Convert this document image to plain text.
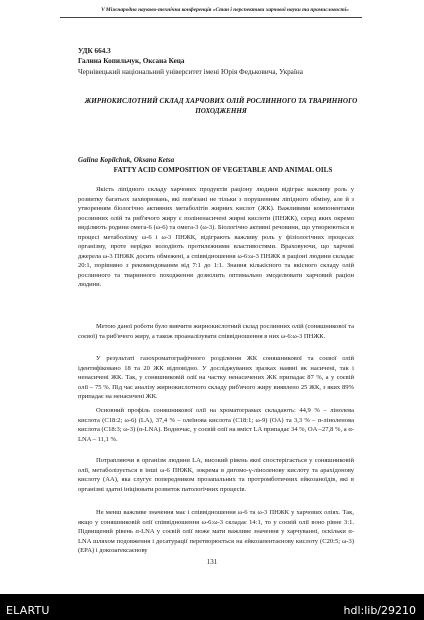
V Міжнародна науково-технічна конференція «Стан і перспективи харчової науки та промисловості»
УДК 664.3
Галина Копильчук, Оксана Кеца
Чернівецький національний університет імені Юрія Федьковича, Україна
ЖИРНОКИСЛОТНИЙ СКЛАД ХАРЧОВИХ ОЛІЙ РОСЛИННОГО ТА ТВАРИННОГО ПОХОДЖЕННЯ
Galina Kopilchuk, Oksana Ketsa
FATTY ACID COMPOSITION OF VEGETABLE AND ANIMAL OILS

Якість ліпідного складу харчових продуктів раціону людини відіграє важливу роль у розвитку багатьох захворювань, які пов'язані не тільки з порушенням ліпідного обміну, але й з утворенням біологічно активних метаболітів жирних кислот (ЖК). Важливими компонентами рослинних олій та риб'ячого жиру є поліненасичені жирні кислоти (ПНЖК), серед яких окремо виділяють родини омега-6 (ω-6) та омега-3 (ω-3). Біологічно активні речовини, що утворюються в процесі метаболізму ω-6 і ω-3 ПНЖК, відіграють важливу роль у фізіологічних процесах організму, проте нерідко володіють протилежними властивостями. Враховуючи, що харчові джерела ω-3 ПНЖК досить обмежені, а співвідношення ω-6:ω-3 ПНЖК в раціоні людини складає 20:1, порівняно з рекомендованим від 7:1 до 1:1. Знання кількісного та якісного складу олій рослинного та тваринного походження дозволить оптимально змоделювати харчовий раціон людини.

Метою даної роботи було вивчити жирнокислотний склад рослинних олій (соняшникової та соєвої) та риб'ячого жиру, а також проаналізувати співвідношення в них ω-6:ω-3 ПНЖК.

У результаті газохроматографічного розділення ЖК соняшникової та соєвої олій ідентифіковано 18 та 20 ЖК відповідно. У досліджуваних зразках наявні як насичені, так і ненасичені ЖК. Так, у соняшниковій олії на частку ненасичених ЖК припадає 87 %, а у соєвій олії – 75 %. Під час аналізу жирнокислотного складу риб'ячого жиру виявлено 25 ЖК, з яких 89% припадає на ненасичені ЖК.

Основний профіль соняшникової олії на хроматограмах складають: 44,9 % – лінолева кислота (C18:2; ω-6) (LA), 37,4 % – олеїнова кислота (C18:1; ω-9) (OA) та 3,3 % – α-ліноленова кислота (C18:3; ω-3) (α-LNA). Водночас, у соєвій олії на вміст LA припадає 34 %, OA –27,8 %, a α-LNA – 11,1 %.

Потрапляючи в організм людини LA, високий рівень якої спостерігається у соняшниковій олії, метаболізується в інші ω-6 ПНЖК, зокрема в дигомо-γ-ліноленову кислоту та арахідонову кислоту (AA), яка слугує попередником прозапальних та протромботичних ейкозаноїдів, які в організмі здатні ініціювати розвиток патологічних процесів.

Не менш важливе значення має і співвідношення ω-6 та ω-3 ПНЖК у харчових оліях. Так, якщо у соняшниковій олії співвідношення ω-6:ω-3 складає 14:1, то у соєвій олії воно рівне 3:1. Підвищений рівень α-LNA у соєвій олії може мати важливе значення у харчуванні, оскільки α-LNA шляхом подовження і десатурації перетворюється на ейкозапентаєнову кислоту (C20:5; ω-3) (EPA) і докозагексаєнову

131
ELARTU	hdl:lib/29210
